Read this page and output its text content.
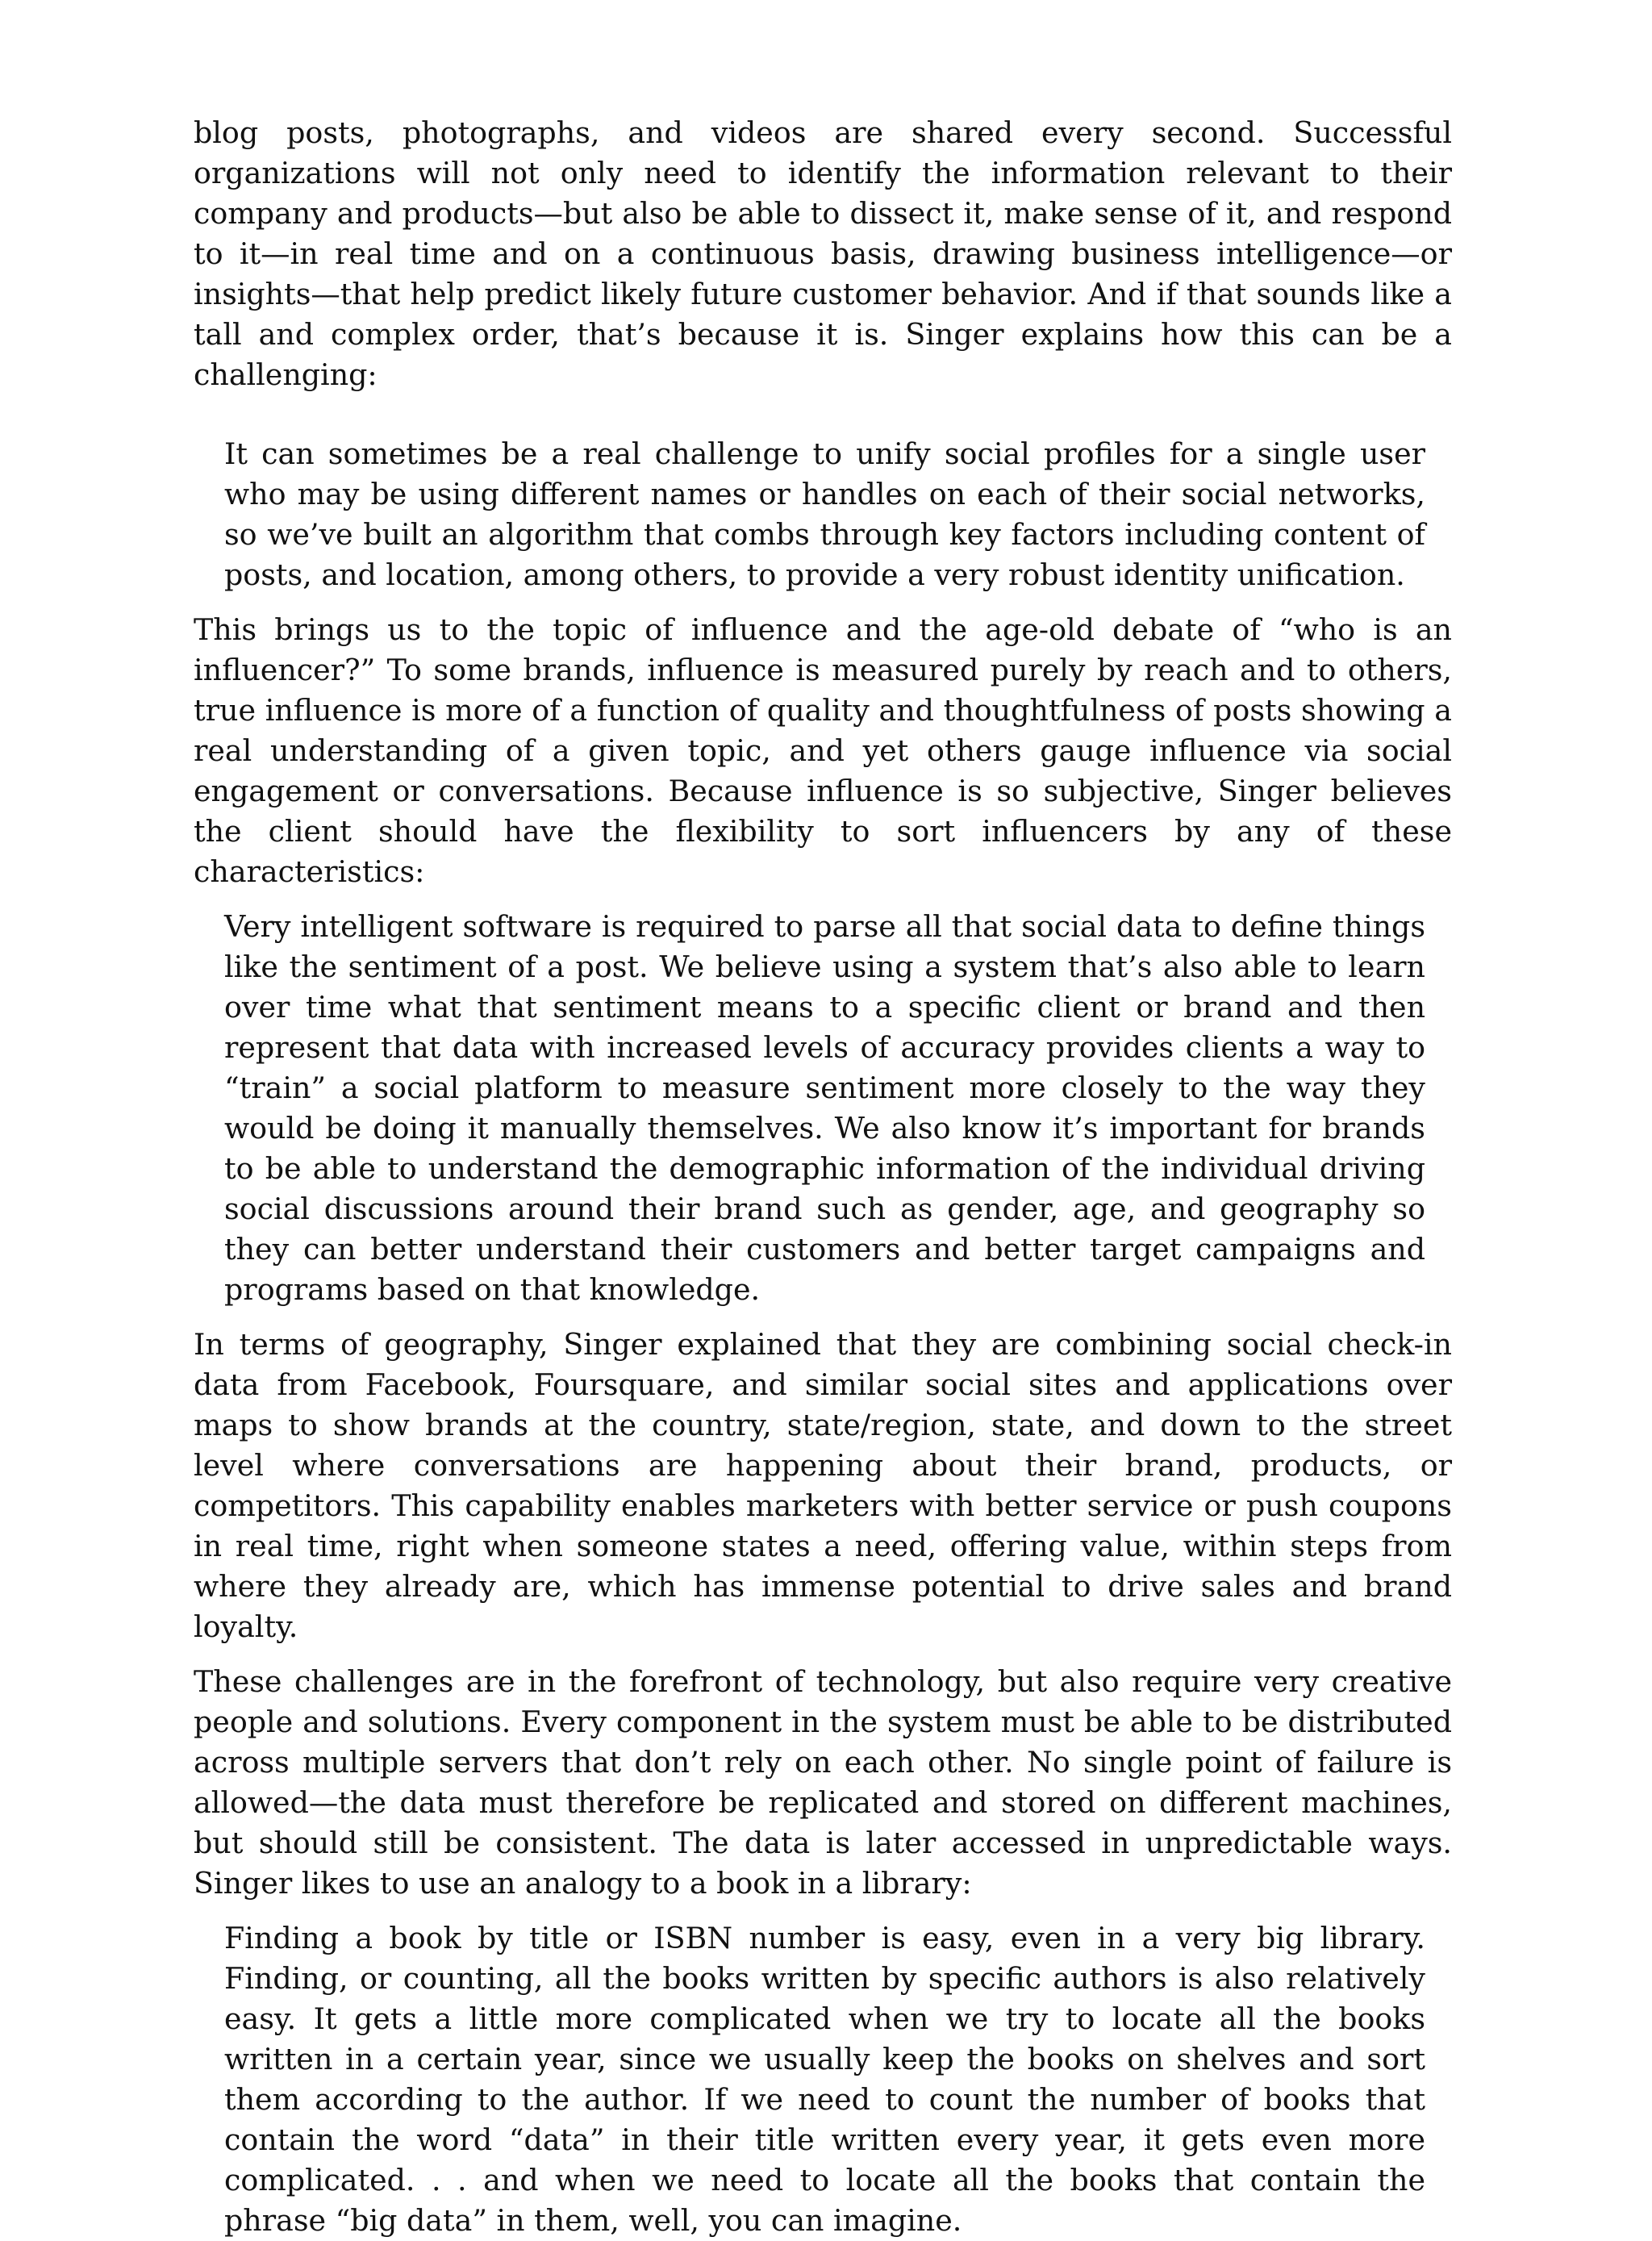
blog posts, photographs, and videos are shared every second. Successful organizations will not only need to identify the information relevant to their company and products—but also be able to dissect it, make sense of it, and respond to it—in real time and on a continuous basis, drawing business intelligence—or insights—that help predict likely future customer behavior. And if that sounds like a tall and complex order, that’s because it is. Singer explains how this can be a challenging:

It can sometimes be a real challenge to unify social profiles for a single user who may be using different names or handles on each of their social networks, so we’ve built an algorithm that combs through key factors including content of posts, and location, among others, to provide a very robust identity unification.

This brings us to the topic of influence and the age-old debate of “who is an influencer?” To some brands, influence is measured purely by reach and to others, true influence is more of a function of quality and thoughtfulness of posts showing a real understanding of a given topic, and yet others gauge influence via social engagement or conversations. Because influence is so subjective, Singer believes the client should have the flexibility to sort influencers by any of these characteristics:

Very intelligent software is required to parse all that social data to define things like the sentiment of a post. We believe using a system that’s also able to learn over time what that sentiment means to a specific client or brand and then represent that data with increased levels of accuracy provides clients a way to “train” a social platform to measure sentiment more closely to the way they would be doing it manually themselves. We also know it’s important for brands to be able to understand the demographic information of the individual driving social discussions around their brand such as gender, age, and geography so they can better understand their customers and better target campaigns and programs based on that knowledge.

In terms of geography, Singer explained that they are combining social check-in data from Facebook, Foursquare, and similar social sites and applications over maps to show brands at the country, state/region, state, and down to the street level where conversations are happening about their brand, products, or competitors. This capability enables marketers with better service or push coupons in real time, right when someone states a need, offering value, within steps from where they already are, which has immense potential to drive sales and brand loyalty.

These challenges are in the forefront of technology, but also require very creative people and solutions. Every component in the system must be able to be distributed across multiple servers that don’t rely on each other. No single point of failure is allowed—the data must therefore be replicated and stored on different machines, but should still be consistent. The data is later accessed in unpredictable ways. Singer likes to use an analogy to a book in a library:

Finding a book by title or ISBN number is easy, even in a very big library. Finding, or counting, all the books written by specific authors is also relatively easy. It gets a little more complicated when we try to locate all the books written in a certain year, since we usually keep the books on shelves and sort them according to the author. If we need to count the number of books that contain the word “data” in their title written every year, it gets even more complicated. . . and when we need to locate all the books that contain the phrase “big data” in them, well, you can imagine.
